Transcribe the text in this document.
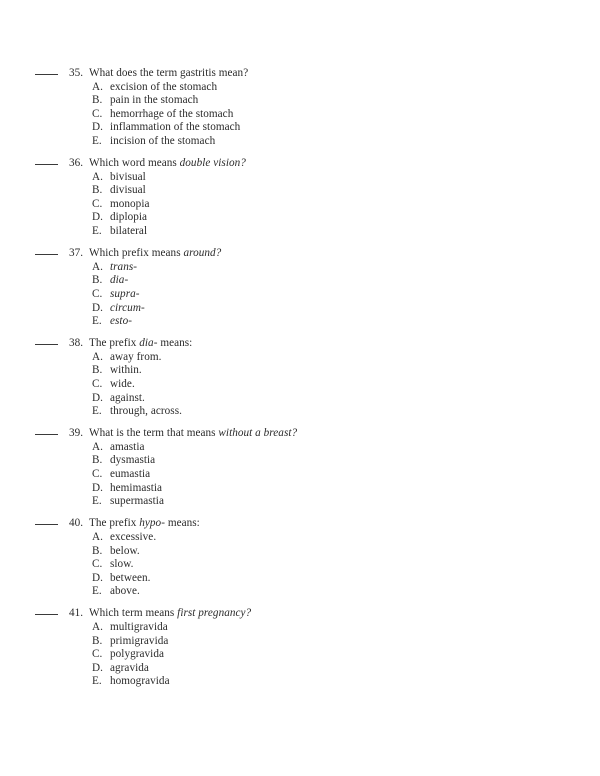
35. What does the term gastritis mean?
A. excision of the stomach
B. pain in the stomach
C. hemorrhage of the stomach
D. inflammation of the stomach
E. incision of the stomach
36. Which word means double vision?
A. bivisual
B. divisual
C. monopia
D. diplopia
E. bilateral
37. Which prefix means around?
A. trans-
B. dia-
C. supra-
D. circum-
E. esto-
38. The prefix dia- means:
A. away from.
B. within.
C. wide.
D. against.
E. through, across.
39. What is the term that means without a breast?
A. amastia
B. dysmastia
C. eumastia
D. hemimastia
E. supermastia
40. The prefix hypo- means:
A. excessive.
B. below.
C. slow.
D. between.
E. above.
41. Which term means first pregnancy?
A. multigravida
B. primigravida
C. polygravida
D. agravida
E. homogravida
